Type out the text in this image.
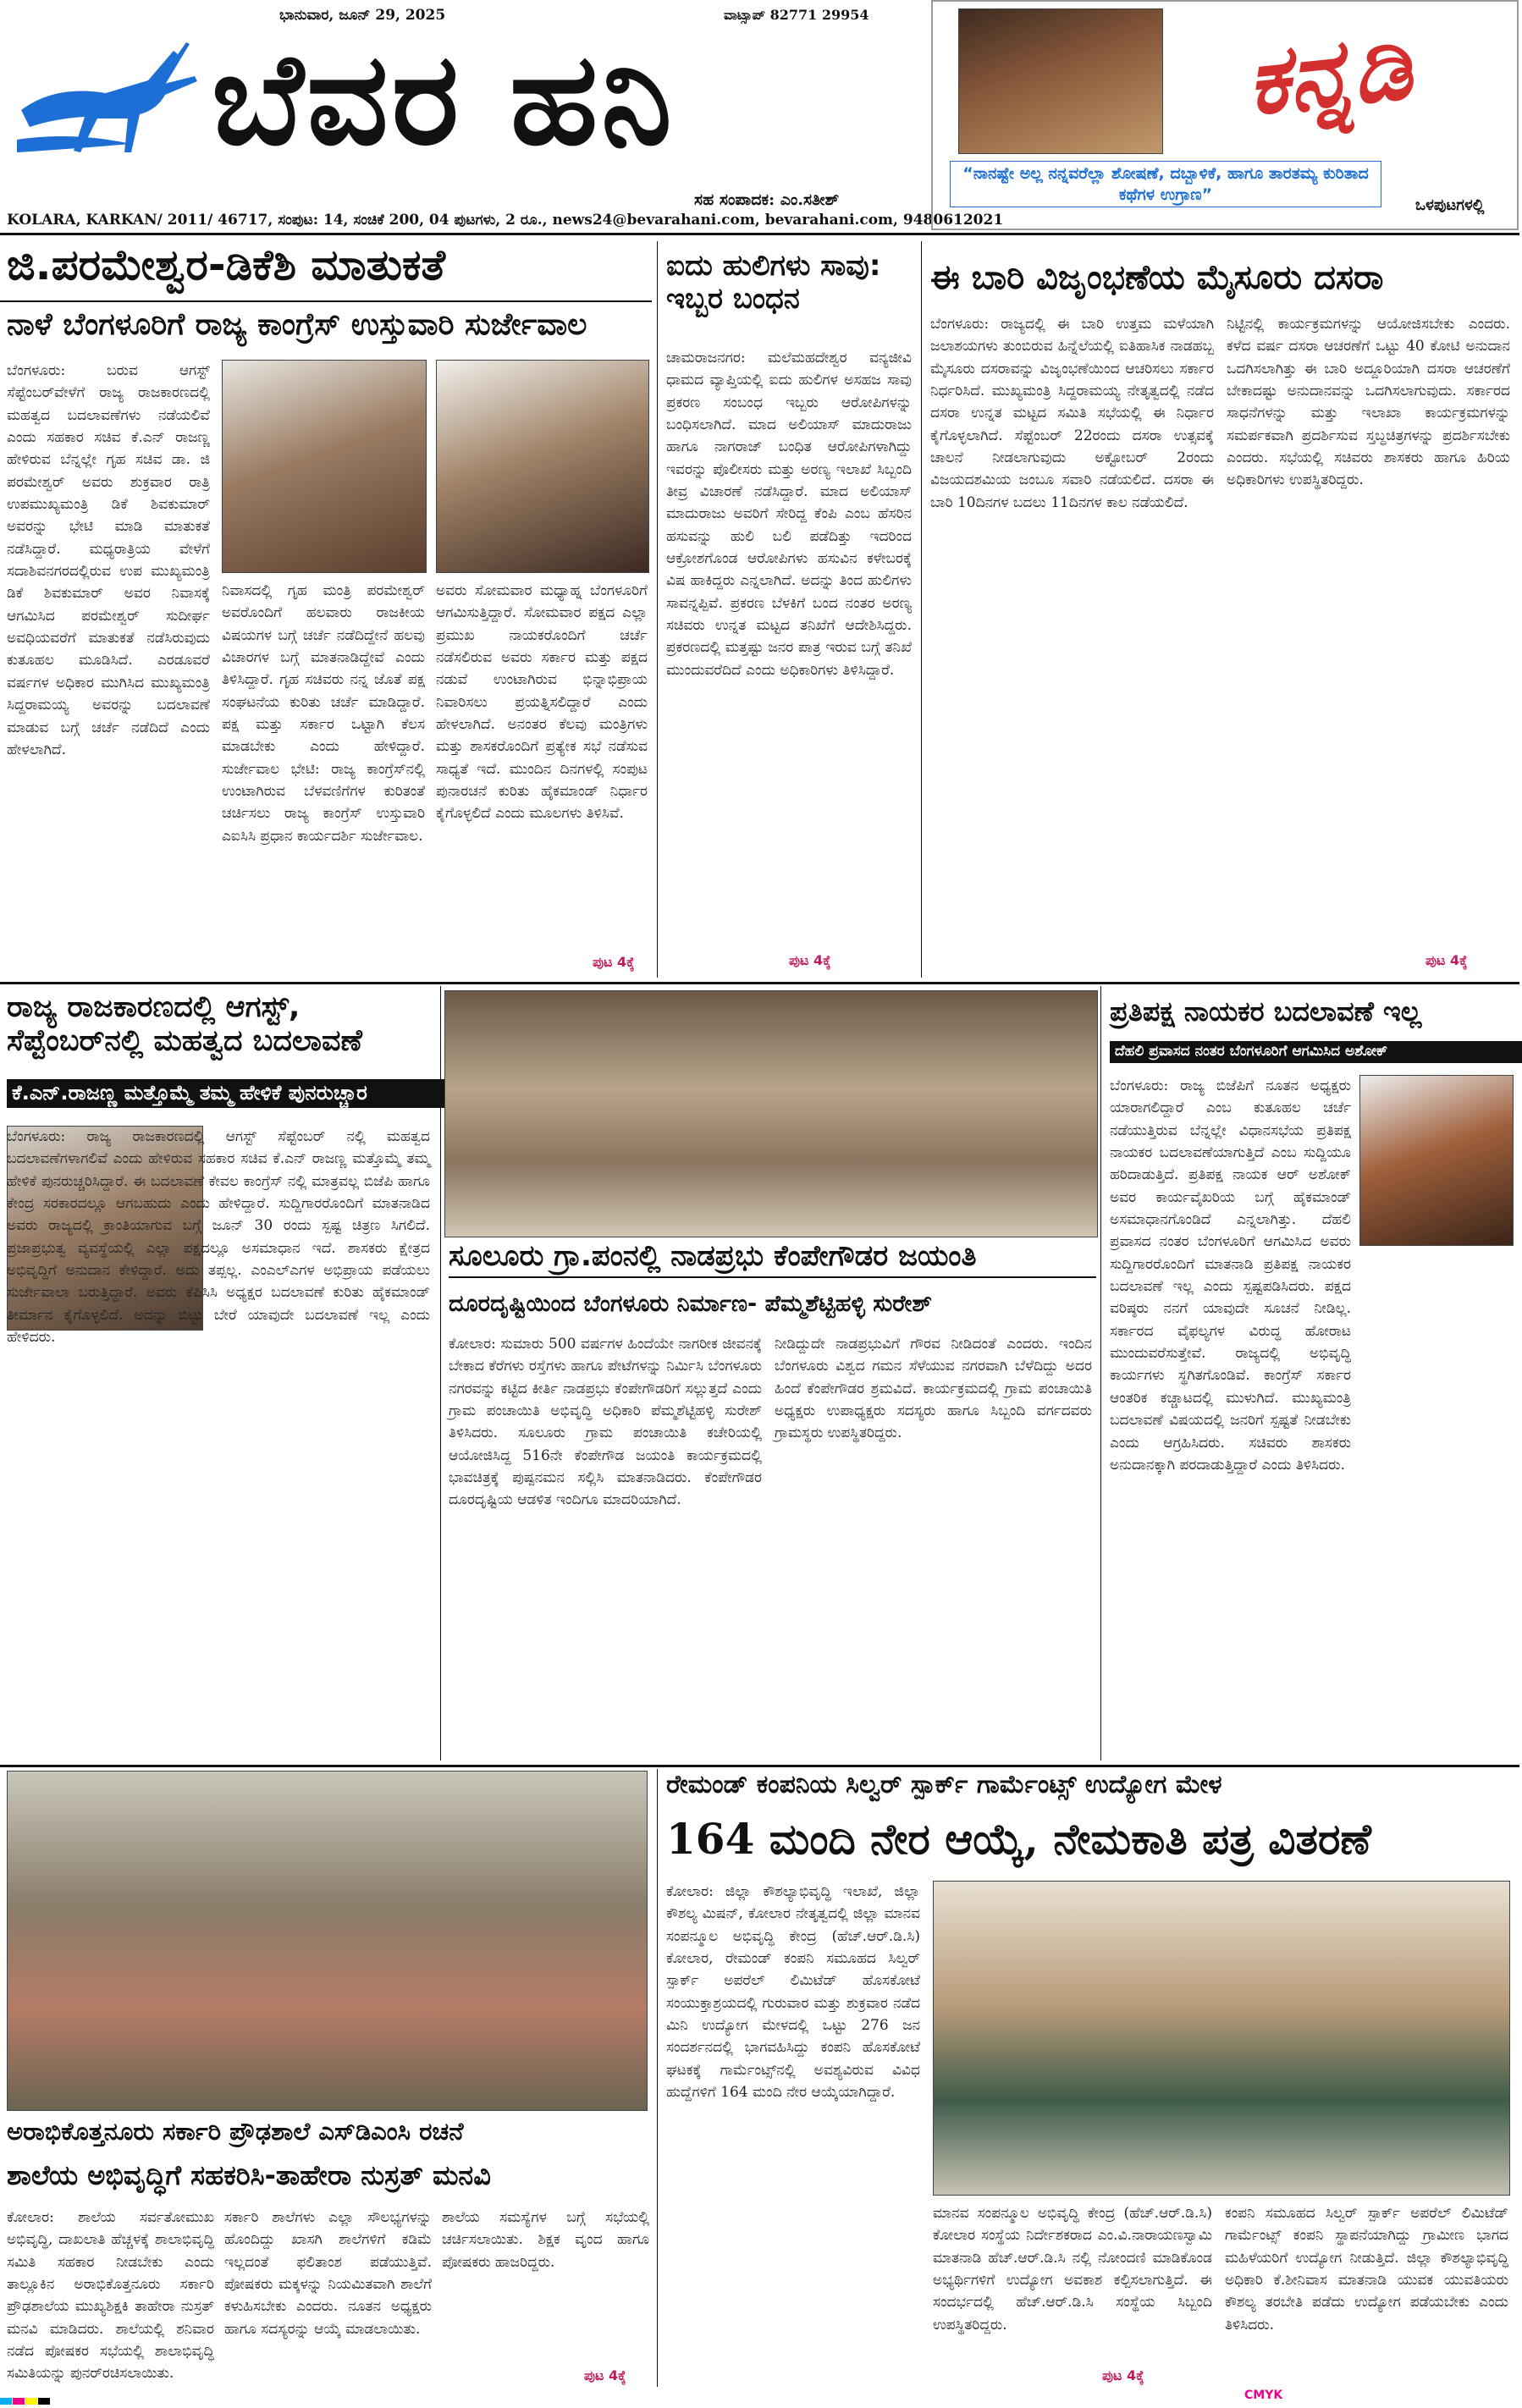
ಭಾನುವಾರ, ಜೂನ್ 29, 2025	ವಾಟ್ಸಾಪ್ 82771 29954
ಬೆವರ ಹನಿ
ಸಹ ಸಂಪಾದಕ: ಎಂ.ಸತೀಶ್
KOLARA, KARKAN/ 2011/ 46717, ಸಂಪುಟ: 14, ಸಂಚಿಕೆ 200, 04 ಪುಟಗಳು, 2 ರೂ., news24@bevarahani.com, bevarahani.com, 9480612021
ಕನ್ನಡಿ
“ನಾನಷ್ಟೇ ಅಲ್ಲ ನನ್ನವರೆಲ್ಲಾ ಶೋಷಣೆ, ದಬ್ಬಾಳಿಕೆ, ಹಾಗೂ ತಾರತಮ್ಯ ಕುರಿತಾದ ಕಥೆಗಳ ಉಗ್ರಾಣ”
ಒಳಪುಟಗಳಲ್ಲಿ
ಜಿ.ಪರಮೇಶ್ವರ-ಡಿಕೆಶಿ ಮಾತುಕತೆ
ನಾಳೆ ಬೆಂಗಳೂರಿಗೆ ರಾಜ್ಯ ಕಾಂಗ್ರೆಸ್ ಉಸ್ತುವಾರಿ ಸುರ್ಜೇವಾಲ
ಬೆಂಗಳೂರು: ಬರುವ ಆಗಸ್ಟ್ ಸೆಪ್ಟೆಂಬರ್‌ವೇಳೆಗೆ ರಾಜ್ಯ ರಾಜಕಾರಣದಲ್ಲಿ ಮಹತ್ವದ ಬದಲಾವಣೆಗಳು ನಡೆಯಲಿವೆ ಎಂದು ಸಹಕಾರ ಸಚಿವ ಕೆ.ಎನ್ ರಾಜಣ್ಣ ಹೇಳಿರುವ ಬೆನ್ನಲ್ಲೇ ಗೃಹ ಸಚಿವ ಡಾ. ಜಿ ಪರಮೇಶ್ವರ್ ಅವರು ಶುಕ್ರವಾರ ರಾತ್ರಿ ಉಪಮುಖ್ಯಮಂತ್ರಿ ಡಿಕೆ ಶಿವಕುಮಾರ್ ಅವರನ್ನು ಭೇಟಿ ಮಾಡಿ ಮಾತುಕತೆ ನಡೆಸಿದ್ದಾರೆ. ಮಧ್ಯರಾತ್ರಿಯ ವೇಳೆಗೆ ಸದಾಶಿವನಗರದಲ್ಲಿರುವ ಉಪ ಮುಖ್ಯಮಂತ್ರಿ ಡಿಕೆ ಶಿವಕುಮಾರ್ ಅವರ ನಿವಾಸಕ್ಕೆ ಆಗಮಿಸಿದ ಪರಮೇಶ್ವರ್ ಸುದೀರ್ಘ ಅವಧಿಯವರೆಗೆ ಮಾತುಕತೆ ನಡೆಸಿರುವುದು ಕುತೂಹಲ ಮೂಡಿಸಿದೆ. ಎರಡೂವರೆ ವರ್ಷಗಳ ಅಧಿಕಾರ ಮುಗಿಸಿದ ಮುಖ್ಯಮಂತ್ರಿ ಸಿದ್ದರಾಮಯ್ಯ ಅವರನ್ನು ಬದಲಾವಣೆ ಮಾಡುವ ಬಗ್ಗೆ ಚರ್ಚೆ ನಡೆದಿದೆ ಎಂದು ಹೇಳಲಾಗಿದೆ.
ನಿವಾಸದಲ್ಲಿ ಗೃಹ ಮಂತ್ರಿ ಪರಮೇಶ್ವರ್ ಅವರೊಂದಿಗೆ ಹಲವಾರು ರಾಜಕೀಯ ವಿಷಯಗಳ ಬಗ್ಗೆ ಚರ್ಚೆ ನಡೆದಿದ್ದೇನೆ ಹಲವು ವಿಚಾರಗಳ ಬಗ್ಗೆ ಮಾತನಾಡಿದ್ದೇವೆ ಎಂದು ತಿಳಿಸಿದ್ದಾರೆ. ಗೃಹ ಸಚಿವರು ನನ್ನ ಜೊತೆ ಪಕ್ಷ ಸಂಘಟನೆಯ ಕುರಿತು ಚರ್ಚೆ ಮಾಡಿದ್ದಾರೆ. ಪಕ್ಷ ಮತ್ತು ಸರ್ಕಾರ ಒಟ್ಟಾಗಿ ಕೆಲಸ ಮಾಡಬೇಕು ಎಂದು ಹೇಳಿದ್ದಾರೆ. ಸುರ್ಜೇವಾಲ ಭೇಟಿ: ರಾಜ್ಯ ಕಾಂಗ್ರೆಸ್‌ನಲ್ಲಿ ಉಂಟಾಗಿರುವ ಬೆಳವಣಿಗೆಗಳ ಕುರಿತಂತೆ ಚರ್ಚಿಸಲು ರಾಜ್ಯ ಕಾಂಗ್ರೆಸ್ ಉಸ್ತುವಾರಿ ಎಐಸಿಸಿ ಪ್ರಧಾನ ಕಾರ್ಯದರ್ಶಿ ಸುರ್ಜೇವಾಲ.
ಅವರು ಸೋಮವಾರ ಮಧ್ಯಾಹ್ನ ಬೆಂಗಳೂರಿಗೆ ಆಗಮಿಸುತ್ತಿದ್ದಾರೆ. ಸೋಮವಾರ ಪಕ್ಷದ ಎಲ್ಲಾ ಪ್ರಮುಖ ನಾಯಕರೊಂದಿಗೆ ಚರ್ಚೆ ನಡೆಸಲಿರುವ ಅವರು ಸರ್ಕಾರ ಮತ್ತು ಪಕ್ಷದ ನಡುವೆ ಉಂಟಾಗಿರುವ ಭಿನ್ನಾಭಿಪ್ರಾಯ ನಿವಾರಿಸಲು ಪ್ರಯತ್ನಿಸಲಿದ್ದಾರೆ ಎಂದು ಹೇಳಲಾಗಿದೆ. ಅನಂತರ ಕೆಲವು ಮಂತ್ರಿಗಳು ಮತ್ತು ಶಾಸಕರೊಂದಿಗೆ ಪ್ರತ್ಯೇಕ ಸಭೆ ನಡೆಸುವ ಸಾಧ್ಯತೆ ಇದೆ. ಮುಂದಿನ ದಿನಗಳಲ್ಲಿ ಸಂಪುಟ ಪುನಾರಚನೆ ಕುರಿತು ಹೈಕಮಾಂಡ್ ನಿರ್ಧಾರ ಕೈಗೊಳ್ಳಲಿದೆ ಎಂದು ಮೂಲಗಳು ತಿಳಿಸಿವೆ.
ಪುಟ 4ಕ್ಕೆ
ಐದು ಹುಲಿಗಳು ಸಾವು: ಇಬ್ಬರ ಬಂಧನ
ಚಾಮರಾಜನಗರ: ಮಲೆಮಹದೇಶ್ವರ ವನ್ಯಜೀವಿ ಧಾಮದ ವ್ಯಾಪ್ತಿಯಲ್ಲಿ ಐದು ಹುಲಿಗಳ ಅಸಹಜ ಸಾವು ಪ್ರಕರಣ ಸಂಬಂಧ ಇಬ್ಬರು ಆರೋಪಿಗಳನ್ನು ಬಂಧಿಸಲಾಗಿದೆ. ಮಾದ ಅಲಿಯಾಸ್ ಮಾದುರಾಜು ಹಾಗೂ ನಾಗರಾಜ್ ಬಂಧಿತ ಆರೋಪಿಗಳಾಗಿದ್ದು ಇವರನ್ನು ಪೊಲೀಸರು ಮತ್ತು ಅರಣ್ಯ ಇಲಾಖೆ ಸಿಬ್ಬಂದಿ ತೀವ್ರ ವಿಚಾರಣೆ ನಡೆಸಿದ್ದಾರೆ. ಮಾದ ಅಲಿಯಾಸ್ ಮಾದುರಾಜು ಅವರಿಗೆ ಸೇರಿದ್ದ ಕೆಂಪಿ ಎಂಬ ಹೆಸರಿನ ಹಸುವನ್ನು ಹುಲಿ ಬಲಿ ಪಡೆದಿತ್ತು ಇದರಿಂದ ಆಕ್ರೋಶಗೊಂಡ ಆರೋಪಿಗಳು ಹಸುವಿನ ಕಳೇಬರಕ್ಕೆ ವಿಷ ಹಾಕಿದ್ದರು ಎನ್ನಲಾಗಿದೆ. ಅದನ್ನು ತಿಂದ ಹುಲಿಗಳು ಸಾವನ್ನಪ್ಪಿವೆ. ಪ್ರಕರಣ ಬೆಳಕಿಗೆ ಬಂದ ನಂತರ ಅರಣ್ಯ ಸಚಿವರು ಉನ್ನತ ಮಟ್ಟದ ತನಿಖೆಗೆ ಆದೇಶಿಸಿದ್ದರು. ಪ್ರಕರಣದಲ್ಲಿ ಮತ್ತಷ್ಟು ಜನರ ಪಾತ್ರ ಇರುವ ಬಗ್ಗೆ ತನಿಖೆ ಮುಂದುವರೆದಿದೆ ಎಂದು ಅಧಿಕಾರಿಗಳು ತಿಳಿಸಿದ್ದಾರೆ.
ಪುಟ 4ಕ್ಕೆ
ಈ ಬಾರಿ ವಿಜೃಂಭಣೆಯ ಮೈಸೂರು ದಸರಾ
ಬೆಂಗಳೂರು: ರಾಜ್ಯದಲ್ಲಿ ಈ ಬಾರಿ ಉತ್ತಮ ಮಳೆಯಾಗಿ ಜಲಾಶಯಗಳು ತುಂಬಿರುವ ಹಿನ್ನೆಲೆಯಲ್ಲಿ ಐತಿಹಾಸಿಕ ನಾಡಹಬ್ಬ ಮೈಸೂರು ದಸರಾವನ್ನು ವಿಜೃಂಭಣೆಯಿಂದ ಆಚರಿಸಲು ಸರ್ಕಾರ ನಿರ್ಧರಿಸಿದೆ. ಮುಖ್ಯಮಂತ್ರಿ ಸಿದ್ದರಾಮಯ್ಯ ನೇತೃತ್ವದಲ್ಲಿ ನಡೆದ ದಸರಾ ಉನ್ನತ ಮಟ್ಟದ ಸಮಿತಿ ಸಭೆಯಲ್ಲಿ ಈ ನಿರ್ಧಾರ ಕೈಗೊಳ್ಳಲಾಗಿದೆ. ಸೆಪ್ಟೆಂಬರ್ 22ರಂದು ದಸರಾ ಉತ್ಸವಕ್ಕೆ ಚಾಲನೆ ನೀಡಲಾಗುವುದು ಅಕ್ಟೋಬರ್ 2ರಂದು ವಿಜಯದಶಮಿಯ ಜಂಬೂ ಸವಾರಿ ನಡೆಯಲಿದೆ. ದಸರಾ ಈ ಬಾರಿ 10ದಿನಗಳ ಬದಲು 11ದಿನಗಳ ಕಾಲ ನಡೆಯಲಿದೆ.
ನಿಟ್ಟಿನಲ್ಲಿ ಕಾರ್ಯಕ್ರಮಗಳನ್ನು ಆಯೋಜಿಸಬೇಕು ಎಂದರು. ಕಳೆದ ವರ್ಷ ದಸರಾ ಆಚರಣೆಗೆ ಒಟ್ಟು 40 ಕೋಟಿ ಅನುದಾನ ಒದಗಿಸಲಾಗಿತ್ತು ಈ ಬಾರಿ ಅದ್ದೂರಿಯಾಗಿ ದಸರಾ ಆಚರಣೆಗೆ ಬೇಕಾದಷ್ಟು ಅನುದಾನವನ್ನು ಒದಗಿಸಲಾಗುವುದು. ಸರ್ಕಾರದ ಸಾಧನೆಗಳನ್ನು ಮತ್ತು ಇಲಾಖಾ ಕಾರ್ಯಕ್ರಮಗಳನ್ನು ಸಮರ್ಪಕವಾಗಿ ಪ್ರದರ್ಶಿಸುವ ಸ್ತಬ್ಧಚಿತ್ರಗಳನ್ನು ಪ್ರದರ್ಶಿಸಬೇಕು ಎಂದರು. ಸಭೆಯಲ್ಲಿ ಸಚಿವರು ಶಾಸಕರು ಹಾಗೂ ಹಿರಿಯ ಅಧಿಕಾರಿಗಳು ಉಪಸ್ಥಿತರಿದ್ದರು.
ಪುಟ 4ಕ್ಕೆ
ರಾಜ್ಯ ರಾಜಕಾರಣದಲ್ಲಿ ಆಗಸ್ಟ್, ಸೆಪ್ಟೆಂಬರ್‌ನಲ್ಲಿ ಮಹತ್ವದ ಬದಲಾವಣೆ
ಕೆ.ಎನ್.ರಾಜಣ್ಣ ಮತ್ತೊಮ್ಮೆ ತಮ್ಮ ಹೇಳಿಕೆ ಪುನರುಚ್ಚಾರ
ಬೆಂಗಳೂರು: ರಾಜ್ಯ ರಾಜಕಾರಣದಲ್ಲಿ ಆಗಸ್ಟ್ ಸೆಪ್ಟೆಂಬರ್ ನಲ್ಲಿ ಮಹತ್ವದ ಬದಲಾವಣೆಗಳಾಗಲಿವೆ ಎಂದು ಹೇಳಿರುವ ಸಹಕಾರ ಸಚಿವ ಕೆ.ಎನ್ ರಾಜಣ್ಣ ಮತ್ತೊಮ್ಮೆ ತಮ್ಮ ಹೇಳಿಕೆ ಪುನರುಚ್ಚರಿಸಿದ್ದಾರೆ. ಈ ಬದಲಾವಣೆ ಕೇವಲ ಕಾಂಗ್ರೆಸ್ ನಲ್ಲಿ ಮಾತ್ರವಲ್ಲ ಬಿಜೆಪಿ ಹಾಗೂ ಕೇಂದ್ರ ಸರಕಾರದಲ್ಲೂ ಆಗಬಹುದು ಎಂದು ಹೇಳಿದ್ದಾರೆ. ಸುದ್ದಿಗಾರರೊಂದಿಗೆ ಮಾತನಾಡಿದ ಅವರು ರಾಜ್ಯದಲ್ಲಿ ಕ್ರಾಂತಿಯಾಗುವ ಬಗ್ಗೆ ಜೂನ್ 30 ರಂದು ಸ್ಪಷ್ಟ ಚಿತ್ರಣ ಸಿಗಲಿದೆ. ಪ್ರಜಾಪ್ರಭುತ್ವ ವ್ಯವಸ್ಥೆಯಲ್ಲಿ ಎಲ್ಲಾ ಪಕ್ಷದಲ್ಲೂ ಅಸಮಾಧಾನ ಇದೆ. ಶಾಸಕರು ಕ್ಷೇತ್ರದ ಅಭಿವೃದ್ಧಿಗೆ ಅನುದಾನ ಕೇಳಿದ್ದಾರೆ. ಅದು ತಪ್ಪಲ್ಲ. ಎಂಎಲ್‌ಎಗಳ ಅಭಿಪ್ರಾಯ ಪಡೆಯಲು ಸುರ್ಜೇವಾಲಾ ಬರುತ್ತಿದ್ದಾರೆ. ಅವರು ಕೆಪಿಸಿಸಿ ಅಧ್ಯಕ್ಷರ ಬದಲಾವಣೆ ಕುರಿತು ಹೈಕಮಾಂಡ್ ತೀರ್ಮಾನ ಕೈಗೊಳ್ಳಲಿದೆ. ಅದನ್ನು ಬಿಟ್ಟು ಬೇರೆ ಯಾವುದೇ ಬದಲಾವಣೆ ಇಲ್ಲ ಎಂದು ಹೇಳಿದರು.
ಸೂಲೂರು ಗ್ರಾ.ಪಂನಲ್ಲಿ ನಾಡಪ್ರಭು ಕೆಂಪೇಗೌಡರ ಜಯಂತಿ
ದೂರದೃಷ್ಟಿಯಿಂದ ಬೆಂಗಳೂರು ನಿರ್ಮಾಣ- ಪೆಮ್ಮಶೆಟ್ಟಿಹಳ್ಳಿ ಸುರೇಶ್
ಕೋಲಾರ: ಸುಮಾರು 500 ವರ್ಷಗಳ ಹಿಂದೆಯೇ ನಾಗರೀಕ ಜೀವನಕ್ಕೆ ಬೇಕಾದ ಕೆರೆಗಳು ರಸ್ತೆಗಳು ಹಾಗೂ ಪೇಟೆಗಳನ್ನು ನಿರ್ಮಿಸಿ ಬೆಂಗಳೂರು ನಗರವನ್ನು ಕಟ್ಟಿದ ಕೀರ್ತಿ ನಾಡಪ್ರಭು ಕೆಂಪೇಗೌಡರಿಗೆ ಸಲ್ಲುತ್ತದೆ ಎಂದು ಗ್ರಾಮ ಪಂಚಾಯಿತಿ ಅಭಿವೃದ್ಧಿ ಅಧಿಕಾರಿ ಪೆಮ್ಮಶೆಟ್ಟಿಹಳ್ಳಿ ಸುರೇಶ್ ತಿಳಿಸಿದರು. ಸೂಲೂರು ಗ್ರಾಮ ಪಂಚಾಯಿತಿ ಕಚೇರಿಯಲ್ಲಿ ಆಯೋಜಿಸಿದ್ದ 516ನೇ ಕೆಂಪೇಗೌಡ ಜಯಂತಿ ಕಾರ್ಯಕ್ರಮದಲ್ಲಿ ಭಾವಚಿತ್ರಕ್ಕೆ ಪುಷ್ಪನಮನ ಸಲ್ಲಿಸಿ ಮಾತನಾಡಿದರು. ಕೆಂಪೇಗೌಡರ ದೂರದೃಷ್ಟಿಯ ಆಡಳಿತ ಇಂದಿಗೂ ಮಾದರಿಯಾಗಿದೆ.
ನೀಡಿದ್ದುದೇ ನಾಡಪ್ರಭುವಿಗೆ ಗೌರವ ನೀಡಿದಂತೆ ಎಂದರು. ಇಂದಿನ ಬೆಂಗಳೂರು ವಿಶ್ವದ ಗಮನ ಸೆಳೆಯುವ ನಗರವಾಗಿ ಬೆಳೆದಿದ್ದು ಅದರ ಹಿಂದೆ ಕೆಂಪೇಗೌಡರ ಶ್ರಮವಿದೆ. ಕಾರ್ಯಕ್ರಮದಲ್ಲಿ ಗ್ರಾಮ ಪಂಚಾಯಿತಿ ಅಧ್ಯಕ್ಷರು ಉಪಾಧ್ಯಕ್ಷರು ಸದಸ್ಯರು ಹಾಗೂ ಸಿಬ್ಬಂದಿ ವರ್ಗದವರು ಗ್ರಾಮಸ್ಥರು ಉಪಸ್ಥಿತರಿದ್ದರು.
ಪ್ರತಿಪಕ್ಷ ನಾಯಕರ ಬದಲಾವಣೆ ಇಲ್ಲ
ದೆಹಲಿ ಪ್ರವಾಸದ ನಂತರ ಬೆಂಗಳೂರಿಗೆ ಆಗಮಿಸಿದ ಅಶೋಕ್
ಬೆಂಗಳೂರು: ರಾಜ್ಯ ಬಿಜೆಪಿಗೆ ನೂತನ ಅಧ್ಯಕ್ಷರು ಯಾರಾಗಲಿದ್ದಾರೆ ಎಂಬ ಕುತೂಹಲ ಚರ್ಚೆ ನಡೆಯುತ್ತಿರುವ ಬೆನ್ನಲ್ಲೇ ವಿಧಾನಸಭೆಯ ಪ್ರತಿಪಕ್ಷ ನಾಯಕರ ಬದಲಾವಣೆಯಾಗುತ್ತಿದೆ ಎಂಬ ಸುದ್ದಿಯೂ ಹರಿದಾಡುತ್ತಿದೆ. ಪ್ರತಿಪಕ್ಷ ನಾಯಕ ಆರ್ ಅಶೋಕ್ ಅವರ ಕಾರ್ಯವೈಖರಿಯ ಬಗ್ಗೆ ಹೈಕಮಾಂಡ್ ಅಸಮಾಧಾನಗೊಂಡಿದೆ ಎನ್ನಲಾಗಿತ್ತು. ದೆಹಲಿ ಪ್ರವಾಸದ ನಂತರ ಬೆಂಗಳೂರಿಗೆ ಆಗಮಿಸಿದ ಅವರು ಸುದ್ದಿಗಾರರೊಂದಿಗೆ ಮಾತನಾಡಿ ಪ್ರತಿಪಕ್ಷ ನಾಯಕರ ಬದಲಾವಣೆ ಇಲ್ಲ ಎಂದು ಸ್ಪಷ್ಟಪಡಿಸಿದರು. ಪಕ್ಷದ ವರಿಷ್ಠರು ನನಗೆ ಯಾವುದೇ ಸೂಚನೆ ನೀಡಿಲ್ಲ. ಸರ್ಕಾರದ ವೈಫಲ್ಯಗಳ ವಿರುದ್ಧ ಹೋರಾಟ ಮುಂದುವರೆಸುತ್ತೇವೆ. ರಾಜ್ಯದಲ್ಲಿ ಅಭಿವೃದ್ಧಿ ಕಾರ್ಯಗಳು ಸ್ಥಗಿತಗೊಂಡಿವೆ. ಕಾಂಗ್ರೆಸ್ ಸರ್ಕಾರ ಆಂತರಿಕ ಕಚ್ಚಾಟದಲ್ಲಿ ಮುಳುಗಿದೆ. ಮುಖ್ಯಮಂತ್ರಿ ಬದಲಾವಣೆ ವಿಷಯದಲ್ಲಿ ಜನರಿಗೆ ಸ್ಪಷ್ಟತೆ ನೀಡಬೇಕು ಎಂದು ಆಗ್ರಹಿಸಿದರು. ಸಚಿವರು ಶಾಸಕರು ಅನುದಾನಕ್ಕಾಗಿ ಪರದಾಡುತ್ತಿದ್ದಾರೆ ಎಂದು ತಿಳಿಸಿದರು.
ಅರಾಭಿಕೊತ್ತನೂರು ಸರ್ಕಾರಿ ಪ್ರೌಢಶಾಲೆ ಎಸ್‌ಡಿಎಂಸಿ ರಚನೆ
ಶಾಲೆಯ ಅಭಿವೃದ್ಧಿಗೆ ಸಹಕರಿಸಿ-ತಾಹೇರಾ ನುಸ್ರತ್ ಮನವಿ
ಕೋಲಾರ: ಶಾಲೆಯ ಸರ್ವತೋಮುಖ ಅಭಿವೃದ್ಧಿ, ದಾಖಲಾತಿ ಹೆಚ್ಚಳಕ್ಕೆ ಶಾಲಾಭಿವೃದ್ಧಿ ಸಮಿತಿ ಸಹಕಾರ ನೀಡಬೇಕು ಎಂದು ತಾಲ್ಲೂಕಿನ ಅರಾಭಿಕೊತ್ತನೂರು ಸರ್ಕಾರಿ ಪ್ರೌಢಶಾಲೆಯ ಮುಖ್ಯಶಿಕ್ಷಕಿ ತಾಹೇರಾ ನುಸ್ರತ್ ಮನವಿ ಮಾಡಿದರು. ಶಾಲೆಯಲ್ಲಿ ಶನಿವಾರ ನಡೆದ ಪೋಷಕರ ಸಭೆಯಲ್ಲಿ ಶಾಲಾಭಿವೃದ್ಧಿ ಸಮಿತಿಯನ್ನು ಪುನರ್‌ರಚಿಸಲಾಯಿತು.
ಸರ್ಕಾರಿ ಶಾಲೆಗಳು ಎಲ್ಲಾ ಸೌಲಭ್ಯಗಳನ್ನು ಹೊಂದಿದ್ದು ಖಾಸಗಿ ಶಾಲೆಗಳಿಗೆ ಕಡಿಮೆ ಇಲ್ಲದಂತೆ ಫಲಿತಾಂಶ ಪಡೆಯುತ್ತಿವೆ. ಪೋಷಕರು ಮಕ್ಕಳನ್ನು ನಿಯಮಿತವಾಗಿ ಶಾಲೆಗೆ ಕಳುಹಿಸಬೇಕು ಎಂದರು. ನೂತನ ಅಧ್ಯಕ್ಷರು ಹಾಗೂ ಸದಸ್ಯರನ್ನು ಆಯ್ಕೆ ಮಾಡಲಾಯಿತು.
ಶಾಲೆಯ ಸಮಸ್ಯೆಗಳ ಬಗ್ಗೆ ಸಭೆಯಲ್ಲಿ ಚರ್ಚಿಸಲಾಯಿತು. ಶಿಕ್ಷಕ ವೃಂದ ಹಾಗೂ ಪೋಷಕರು ಹಾಜರಿದ್ದರು.
ಪುಟ 4ಕ್ಕೆ
ರೇಮಂಡ್ ಕಂಪನಿಯ ಸಿಲ್ವರ್ ಸ್ಪಾರ್ಕ್ ಗಾರ್ಮೆಂಟ್ಸ್ ಉದ್ಯೋಗ ಮೇಳ
164 ಮಂದಿ ನೇರ ಆಯ್ಕೆ, ನೇಮಕಾತಿ ಪತ್ರ ವಿತರಣೆ
ಕೋಲಾರ: ಜಿಲ್ಲಾ ಕೌಶಲ್ಯಾಭಿವೃದ್ಧಿ ಇಲಾಖೆ, ಜಿಲ್ಲಾ ಕೌಶಲ್ಯ ಮಿಷನ್, ಕೋಲಾರ ನೇತೃತ್ವದಲ್ಲಿ ಜಿಲ್ಲಾ ಮಾನವ ಸಂಪನ್ಮೂಲ ಅಭಿವೃದ್ಧಿ ಕೇಂದ್ರ (ಹೆಚ್.ಆರ್.ಡಿ.ಸಿ) ಕೋಲಾರ, ರೇಮಂಡ್ ಕಂಪನಿ ಸಮೂಹದ ಸಿಲ್ವರ್ ಸ್ಪಾರ್ಕ್ ಅಪರೆಲ್ ಲಿಮಿಟೆಡ್ ಹೊಸಕೋಟೆ ಸಂಯುಕ್ತಾಶ್ರಯದಲ್ಲಿ ಗುರುವಾರ ಮತ್ತು ಶುಕ್ರವಾರ ನಡೆದ ಮಿನಿ ಉದ್ಯೋಗ ಮೇಳದಲ್ಲಿ ಒಟ್ಟು 276 ಜನ ಸಂದರ್ಶನದಲ್ಲಿ ಭಾಗವಹಿಸಿದ್ದು ಕಂಪನಿ ಹೊಸಕೋಟೆ ಘಟಕಕ್ಕೆ ಗಾರ್ಮೆಂಟ್ಸ್‌ನಲ್ಲಿ ಅವಶ್ಯವಿರುವ ವಿವಿಧ ಹುದ್ದೆಗಳಿಗೆ 164 ಮಂದಿ ನೇರ ಆಯ್ಕೆಯಾಗಿದ್ದಾರೆ.
ಮಾನವ ಸಂಪನ್ಮೂಲ ಅಭಿವೃದ್ಧಿ ಕೇಂದ್ರ (ಹೆಚ್.ಆರ್.ಡಿ.ಸಿ) ಕೋಲಾರ ಸಂಸ್ಥೆಯ ನಿರ್ದೇಶಕರಾದ ಎಂ.ವಿ.ನಾರಾಯಣಸ್ವಾಮಿ ಮಾತನಾಡಿ ಹೆಚ್.ಆರ್.ಡಿ.ಸಿ ನಲ್ಲಿ ನೋಂದಣಿ ಮಾಡಿಕೊಂಡ ಅಭ್ಯರ್ಥಿಗಳಿಗೆ ಉದ್ಯೋಗ ಅವಕಾಶ ಕಲ್ಪಿಸಲಾಗುತ್ತಿದೆ. ಈ ಸಂದರ್ಭದಲ್ಲಿ ಹೆಚ್.ಆರ್.ಡಿ.ಸಿ ಸಂಸ್ಥೆಯ ಸಿಬ್ಬಂದಿ ಉಪಸ್ಥಿತರಿದ್ದರು.
ಕಂಪನಿ ಸಮೂಹದ ಸಿಲ್ವರ್ ಸ್ಪಾರ್ಕ್ ಅಪರೆಲ್ ಲಿಮಿಟೆಡ್ ಗಾರ್ಮೆಂಟ್ಸ್ ಕಂಪನಿ ಸ್ಥಾಪನೆಯಾಗಿದ್ದು ಗ್ರಾಮೀಣ ಭಾಗದ ಮಹಿಳೆಯರಿಗೆ ಉದ್ಯೋಗ ನೀಡುತ್ತಿದೆ. ಜಿಲ್ಲಾ ಕೌಶಲ್ಯಾಭಿವೃದ್ಧಿ ಅಧಿಕಾರಿ ಕೆ.ಶೀನಿವಾಸ ಮಾತನಾಡಿ ಯುವಕ ಯುವತಿಯರು ಕೌಶಲ್ಯ ತರಬೇತಿ ಪಡೆದು ಉದ್ಯೋಗ ಪಡೆಯಬೇಕು ಎಂದು ತಿಳಿಸಿದರು.
ಪುಟ 4ಕ್ಕೆ
CMYK
